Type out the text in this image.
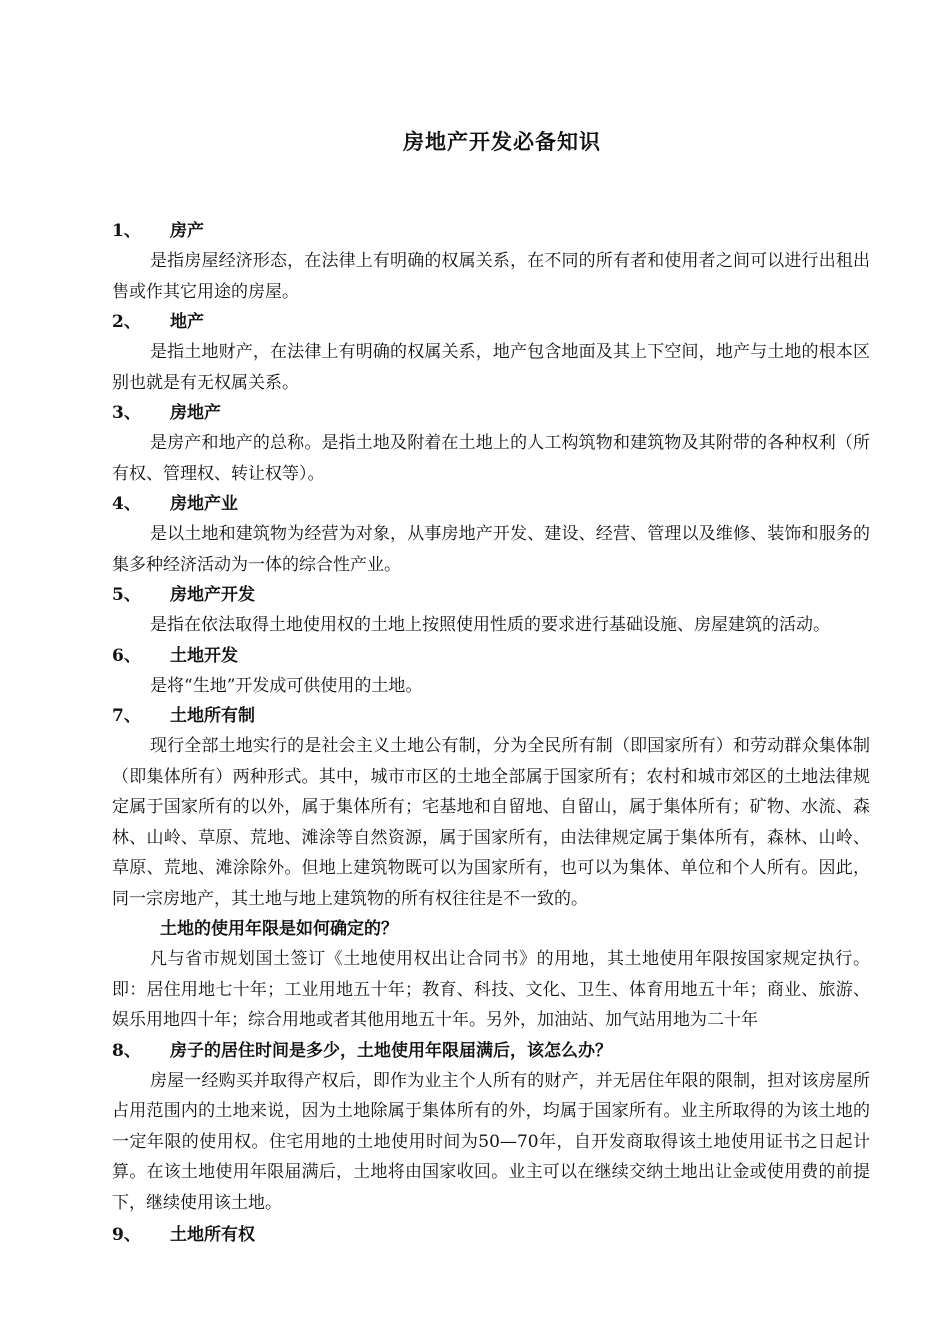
房地产开发必备知识
1、	房产

是指房屋经济形态，在法律上有明确的权属关系，在不同的所有者和使用者之间可以进行出租出售或作其它用途的房屋。

2、	地产

是指土地财产，在法律上有明确的权属关系，地产包含地面及其上下空间，地产与土地的根本区别也就是有无权属关系。

3、	房地产

是房产和地产的总称。是指土地及附着在土地上的人工构筑物和建筑物及其附带的各种权利（所有权、管理权、转让权等）。

4、	房地产业

是以土地和建筑物为经营为对象，从事房地产开发、建设、经营、管理以及维修、装饰和服务的集多种经济活动为一体的综合性产业。

5、	房地产开发

是指在依法取得土地使用权的土地上按照使用性质的要求进行基础设施、房屋建筑的活动。

6、	土地开发

是将“生地”开发成可供使用的土地。

7、	土地所有制

现行全部土地实行的是社会主义土地公有制，分为全民所有制（即国家所有）和劳动群众集体制（即集体所有）两种形式。其中，城市市区的土地全部属于国家所有；农村和城市郊区的土地法律规定属于国家所有的以外，属于集体所有；宅基地和自留地、自留山，属于集体所有；矿物、水流、森林、山岭、草原、荒地、滩涂等自然资源，属于国家所有，由法律规定属于集体所有，森林、山岭、草原、荒地、滩涂除外。但地上建筑物既可以为国家所有，也可以为集体、单位和个人所有。因此，同一宗房地产，其土地与地上建筑物的所有权往往是不一致的。

土地的使用年限是如何确定的？

凡与省市规划国土签订《土地使用权出让合同书》的用地，其土地使用年限按国家规定执行。即：居住用地七十年；工业用地五十年；教育、科技、文化、卫生、体育用地五十年；商业、旅游、娱乐用地四十年；综合用地或者其他用地五十年。另外，加油站、加气站用地为二十年

8、	房子的居住时间是多少，土地使用年限届满后，该怎么办？

房屋一经购买并取得产权后，即作为业主个人所有的财产，并无居住年限的限制，担对该房屋所占用范围内的土地来说，因为土地除属于集体所有的外，均属于国家所有。业主所取得的为该土地的一定年限的使用权。住宅用地的土地使用时间为50—70年，自开发商取得该土地使用证书之日起计算。在该土地使用年限届满后，土地将由国家收回。业主可以在继续交纳土地出让金或使用费的前提下，继续使用该土地。

9、	土地所有权
